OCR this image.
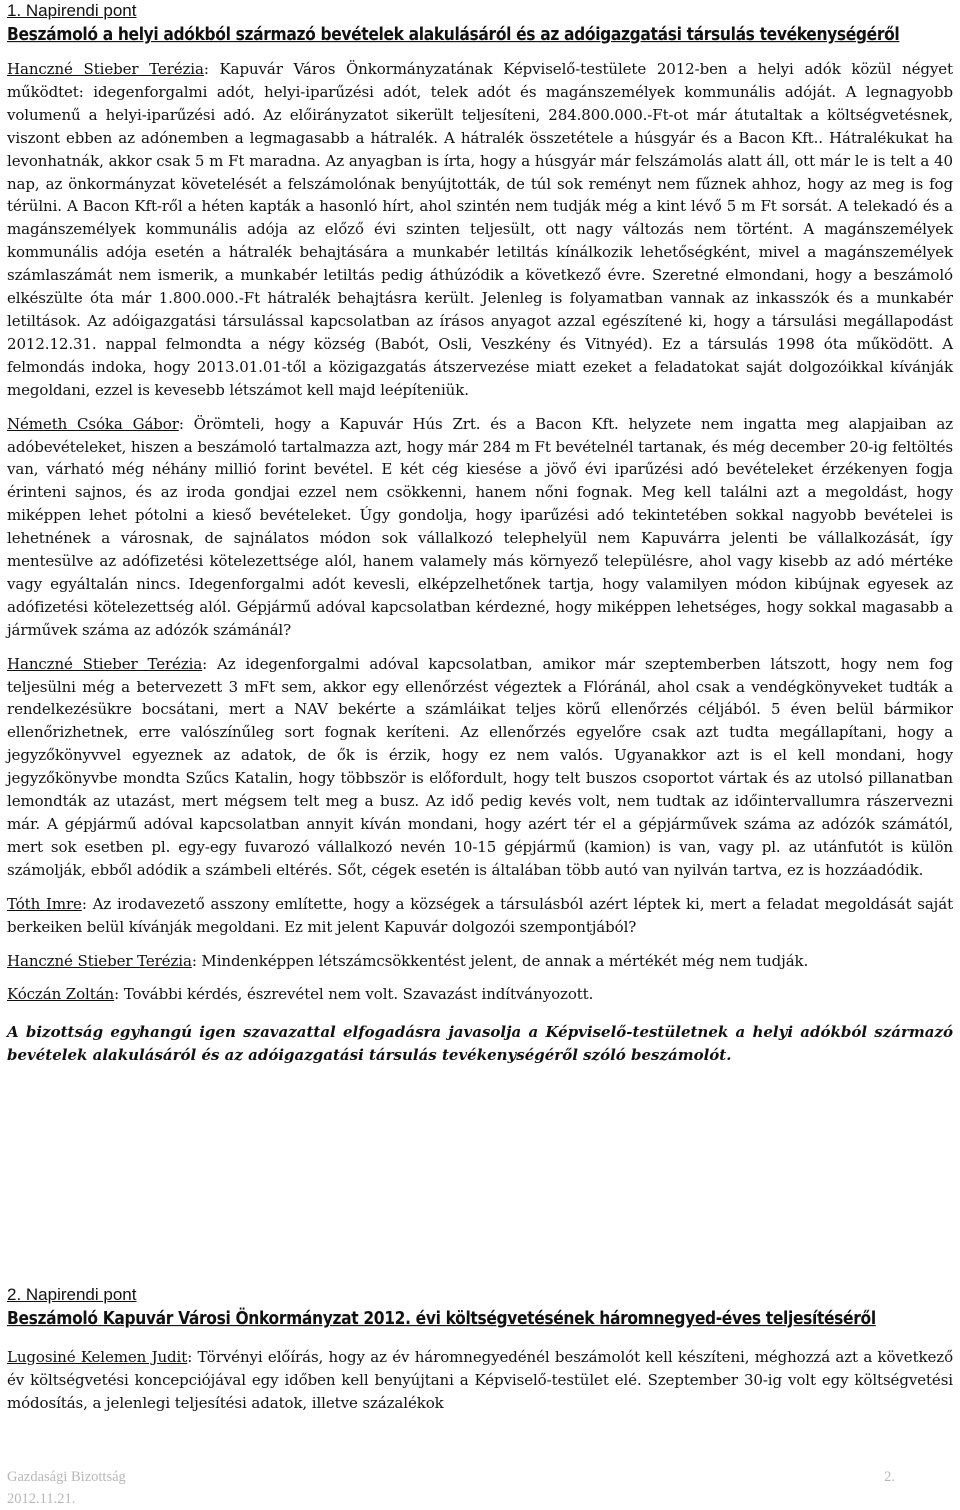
1. Napirendi pont

Beszámoló a helyi adókból származó bevételek alakulásáról és az adóigazgatási társulás tevékenységéről

Hanczné Stieber Terézia: Kapuvár Város Önkormányzatának Képviselő-testülete 2012-ben a helyi adók közül négyet működtet: idegenforgalmi adót, helyi-iparűzési adót, telek adót és magánszemélyek kommunális adóját. A legnagyobb volumenű a helyi-iparűzési adó. Az előirányzatot sikerült teljesíteni, 284.800.000.-Ft-ot már átutaltak a költségvetésnek, viszont ebben az adónemben a legmagasabb a hátralék. A hátralék összetétele a húsgyár és a Bacon Kft.. Hátralékukat ha levonhatnák, akkor csak 5 m Ft maradna. Az anyagban is írta, hogy a húsgyár már felszámolás alatt áll, ott már le is telt a 40 nap, az önkormányzat követelését a felszámolónak benyújtották, de túl sok reményt nem fűznek ahhoz, hogy az meg is fog térülni. A Bacon Kft-ről a héten kapták a hasonló hírt, ahol szintén nem tudják még a kint lévő 5 m Ft sorsát. A telekadó és a magánszemélyek kommunális adója az előző évi szinten teljesült, ott nagy változás nem történt. A magánszemélyek kommunális adója esetén a hátralék behajtására a munkabér letiltás kínálkozik lehetőségként, mivel a magánszemélyek számlaszámát nem ismerik, a munkabér letiltás pedig áthúzódik a következő évre. Szeretné elmondani, hogy a beszámoló elkészülte óta már 1.800.000.-Ft hátralék behajtásra került. Jelenleg is folyamatban vannak az inkasszók és a munkabér letiltások. Az adóigazgatási társulással kapcsolatban az írásos anyagot azzal egészítené ki, hogy a társulási megállapodást 2012.12.31. nappal felmondta a négy község (Babót, Osli, Veszkény és Vitnyéd). Ez a társulás 1998 óta működött. A felmondás indoka, hogy 2013.01.01-től a közigazgatás átszervezése miatt ezeket a feladatokat saját dolgozóikkal kívánják megoldani, ezzel is kevesebb létszámot kell majd leépíteniük.

Németh Csóka Gábor: Örömteli, hogy a Kapuvár Hús Zrt. és a Bacon Kft. helyzete nem ingatta meg alapjaiban az adóbevételeket, hiszen a beszámoló tartalmazza azt, hogy már 284 m Ft bevételnél tartanak, és még december 20-ig feltöltés van, várható még néhány millió forint bevétel. E két cég kiesése a jövő évi iparűzési adó bevételeket érzékenyen fogja érinteni sajnos, és az iroda gondjai ezzel nem csökkenni, hanem nőni fognak. Meg kell találni azt a megoldást, hogy miképpen lehet pótolni a kieső bevételeket. Úgy gondolja, hogy iparűzési adó tekintetében sokkal nagyobb bevételei is lehetnének a városnak, de sajnálatos módon sok vállalkozó telephelyül nem Kapuvárra jelenti be vállalkozását, így mentesülve az adófizetési kötelezettsége alól, hanem valamely más környező településre, ahol vagy kisebb az adó mértéke vagy egyáltalán nincs. Idegenforgalmi adót kevesli, elképzelhetőnek tartja, hogy valamilyen módon kibújnak egyesek az adófizetési kötelezettség alól. Gépjármű adóval kapcsolatban kérdezné, hogy miképpen lehetséges, hogy sokkal magasabb a járművek száma az adózók számánál?

Hanczné Stieber Terézia: Az idegenforgalmi adóval kapcsolatban, amikor már szeptemberben látszott, hogy nem fog teljesülni még a betervezett 3 mFt sem, akkor egy ellenőrzést végeztek a Flóránál, ahol csak a vendégkönyveket tudták a rendelkezésükre bocsátani, mert a NAV bekérte a számláikat teljes körű ellenőrzés céljából. 5 éven belül bármikor ellenőrizhetnek, erre valószínűleg sort fognak keríteni. Az ellenőrzés egyelőre csak azt tudta megállapítani, hogy a jegyzőkönyvvel egyeznek az adatok, de ők is érzik, hogy ez nem valós. Ugyanakkor azt is el kell mondani, hogy jegyzőkönyvbe mondta Szűcs Katalin, hogy többször is előfordult, hogy telt buszos csoportot vártak és az utolsó pillanatban lemondták az utazást, mert mégsem telt meg a busz. Az idő pedig kevés volt, nem tudtak az időintervallumra rászervezni már. A gépjármű adóval kapcsolatban annyit kíván mondani, hogy azért tér el a gépjárművek száma az adózók számától, mert sok esetben pl. egy-egy fuvarozó vállalkozó nevén 10-15 gépjármű (kamion) is van, vagy pl. az utánfutót is külön számolják, ebből adódik a számbeli eltérés. Sőt, cégek esetén is általában több autó van nyilván tartva, ez is hozzáadódik.

Tóth Imre: Az irodavezető asszony említette, hogy a községek a társulásból azért léptek ki, mert a feladat megoldását saját berkeiken belül kívánják megoldani. Ez mit jelent Kapuvár dolgozói szempontjából?

Hanczné Stieber Terézia: Mindenképpen létszámcsökkentést jelent, de annak a mértékét még nem tudják.

Kóczán Zoltán: További kérdés, észrevétel nem volt. Szavazást indítványozott.

A bizottság egyhangú igen szavazattal elfogadásra javasolja a Képviselő-testületnek a helyi adókból származó bevételek alakulásáról és az adóigazgatási társulás tevékenységéről szóló beszámolót.

2. Napirendi pont

Beszámoló Kapuvár Városi Önkormányzat 2012. évi költségvetésének háromnegyed-éves teljesítéséről

Lugosiné Kelemen Judit: Törvényi előírás, hogy az év háromnegyedénél beszámolót kell készíteni, méghozzá azt a következő év költségvetési koncepciójával egy időben kell benyújtani a Képviselő-testület elé. Szeptember 30-ig volt egy költségvetési módosítás, a jelenlegi teljesítési adatok, illetve százalékok

Gazdasági Bizottság
2012.11.21.
2.
